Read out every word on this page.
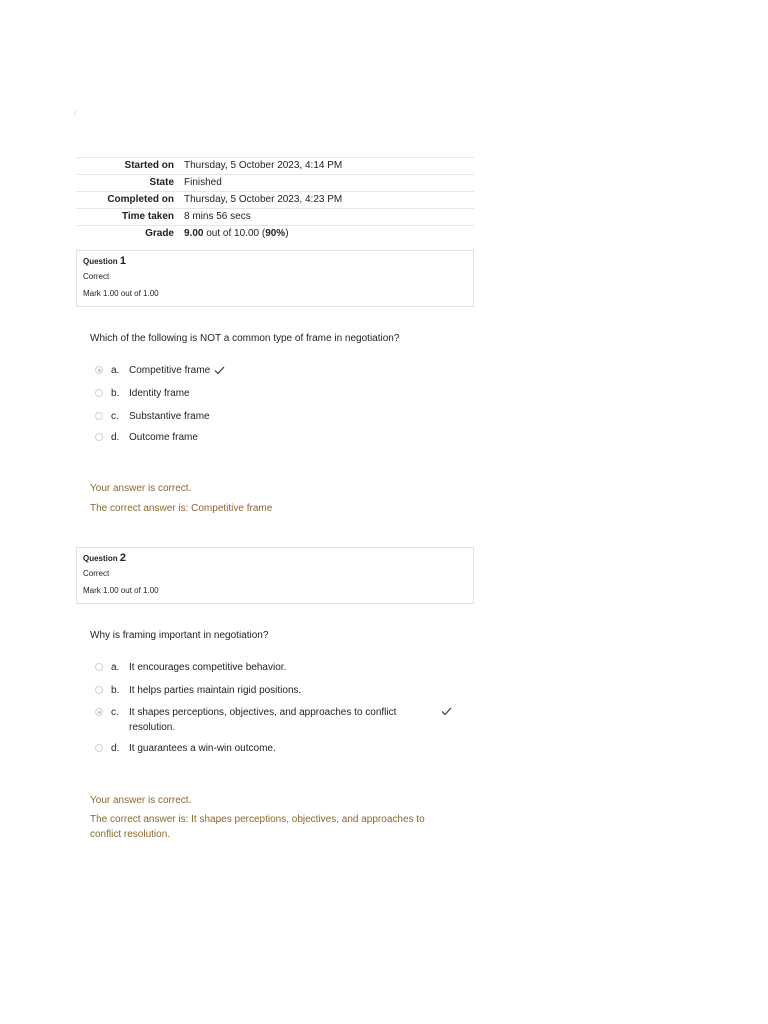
‹
Started on	Thursday, 5 October 2023, 4:14 PM
State	Finished
Completed on	Thursday, 5 October 2023, 4:23 PM
Time taken	8 mins 56 secs
Grade	9.00 out of 10.00 (90%)
Question 1
Correct
Mark 1.00 out of 1.00
Which of the following is NOT a common type of frame in negotiation?
a. Competitive frame
b. Identity frame
c. Substantive frame
d. Outcome frame
Your answer is correct.
The correct answer is: Competitive frame
Question 2
Correct
Mark 1.00 out of 1.00
Why is framing important in negotiation?
a. It encourages competitive behavior.
b. It helps parties maintain rigid positions.
c. It shapes perceptions, objectives, and approaches to conflict resolution.
d. It guarantees a win-win outcome.
Your answer is correct.
The correct answer is: It shapes perceptions, objectives, and approaches to conflict resolution.
